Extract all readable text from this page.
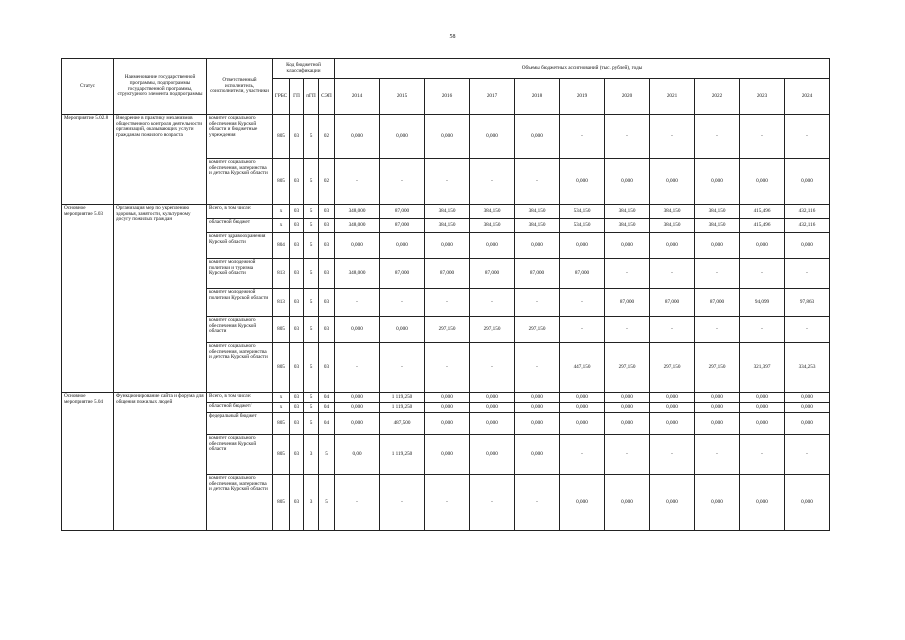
58
Статус	Наименование государственной программы, подпрограммы государственной программы, структурного элемента подпрограммы	Ответственный исполнитель, соисполнители, участники	Код бюджетной классификации				Объемы бюджетных ассигнований (тыс. рублей), годы										
			ГРБС	ГП	пГП	СЭП	2014	2015	2016	2017	2018	2019	2020	2021	2022	2023	2024
Мероприятие 5.02.8	Внедрение в практику механизмов общественного контроля деятельности организаций, оказывающих услуги гражданам пожилого возраста	комитет социального обеспечения Курской области и бюджетные учреждения	805	03	5	02	0,000	0,000	0,000	0,000	0,000	-	-	-	-	-	-
		комитет социального обеспечения, материнства и детства Курской области	805	03	5	02	-	-	-	-	-	0,000	0,000	0,000	0,000	0,000	0,000
Основное мероприятие 5.03	Организация мер по укреплению здоровья, занятости, культурному досугу пожилых граждан	Всего, в том числе:	х	03	5	03	348,000	87,000	384,150	384,150	384,150	534,150	384,150	384,150	384,150	415,496	432,116
		областной бюджет	х	03	5	03	348,000	87,000	384,150	384,150	384,150	534,150	384,150	384,150	384,150	415,496	432,116
		комитет здравоохранения Курской области	804	03	5	03	0,000	0,000	0,000	0,000	0,000	0,000	0,000	0,000	0,000	0,000	0,000
		комитет молодежной политики и туризма Курской области	813	03	5	03	348,000	87,000	87,000	87,000	87,000	87,000	-	-	-	-	-
		комитет молодежной политики Курской области	813	03	5	03	-	-	-	-	-	-	87,000	87,000	87,000	94,099	97,863
		комитет социального обеспечения Курской области	805	03	5	03	0,000	0,000	297,150	297,150	297,150	-	-	-	-	-	-
		комитет социального обеспечения, материнства и детства Курской области	805	03	5	03	-	-	-	-	-	447,150	297,150	297,150	297,150	321,397	334,253
Основное мероприятие 5.04	Функционирование сайта и форума для общения пожилых людей	Всего, в том числе:	х	03	5	04	0,000	1 119,250	0,000	0,000	0,000	0,000	0,000	0,000	0,000	0,000	0,000
		областной бюджет/	х	03	5	04	0,000	1 119,250	0,000	0,000	0,000	0,000	0,000	0,000	0,000	0,000	0,000
		федеральный бюджет	805	03	5	04	0,000	487,500	0,000	0,000	0,000	0,000	0,000	0,000	0,000	0,000	0,000
		комитет социального обеспечения Курской области	805	03	3	5	0,00	1 119,250	0,000	0,000	0,000	-	-	-	-	-	-
		комитет социального обеспечения, материнства и детства Курской области	805	03	3	5	-	-	-	-	-	0,000	0,000	0,000	0,000	0,000	0,000
